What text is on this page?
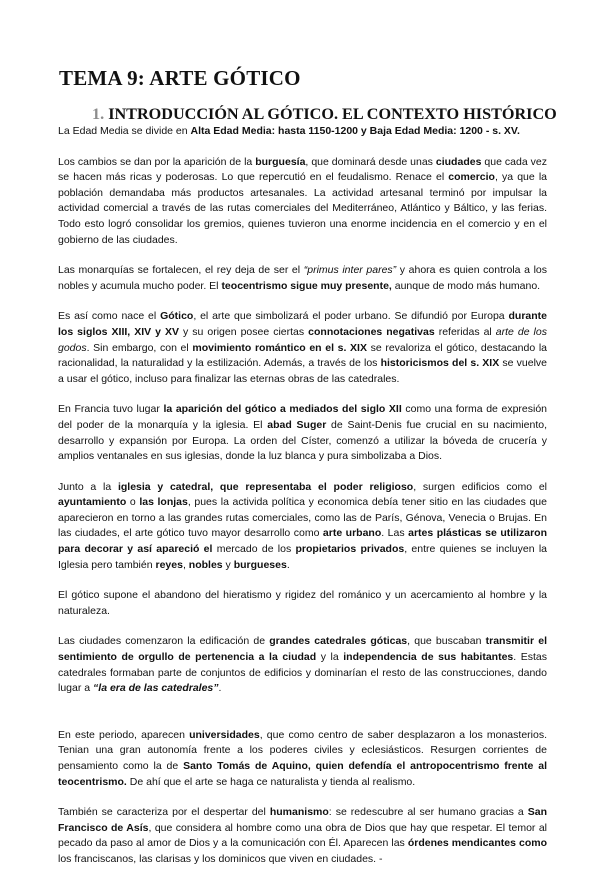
TEMA 9: ARTE GÓTICO
1. INTRODUCCIÓN AL GÓTICO. EL CONTEXTO HISTÓRICO

La Edad Media se divide en Alta Edad Media: hasta 1150-1200 y Baja Edad Media: 1200 - s. XV.

Los cambios se dan por la aparición de la burguesía, que dominará desde unas ciudades que cada vez se hacen más ricas y poderosas. Lo que repercutió en el feudalismo. Renace el comercio, ya que la población demandaba más productos artesanales. La actividad artesanal terminó por impulsar la actividad comercial a través de las rutas comerciales del Mediterráneo, Atlántico y Báltico, y las ferias. Todo esto logró consolidar los gremios, quienes tuvieron una enorme incidencia en el comercio y en el gobierno de las ciudades.

Las monarquías se fortalecen, el rey deja de ser el “primus inter pares” y ahora es quien controla a los nobles y acumula mucho poder. El teocentrismo sigue muy presente, aunque de modo más humano.

Es así como nace el Gótico, el arte que simbolizará el poder urbano. Se difundió por Europa durante los siglos XIII, XIV y XV y su origen posee ciertas connotaciones negativas referidas al arte de los godos. Sin embargo, con el movimiento romántico en el s. XIX se revaloriza el gótico, destacando la racionalidad, la naturalidad y la estilización. Además, a través de los historicismos del s. XIX se vuelve a usar el gótico, incluso para finalizar las eternas obras de las catedrales.

En Francia tuvo lugar la aparición del gótico a mediados del siglo XII como una forma de expresión del poder de la monarquía y la iglesia. El abad Suger de Saint-Denis fue crucial en su nacimiento, desarrollo y expansión por Europa. La orden del Císter, comenzó a utilizar la bóveda de crucería y amplios ventanales en sus iglesias, donde la luz blanca y pura simbolizaba a Dios.

Junto a la iglesia y catedral, que representaba el poder religioso, surgen edificios como el ayuntamiento o las lonjas, pues la activida política y economica debía tener sitio en las ciudades que aparecieron en torno a las grandes rutas comerciales, como las de París, Génova, Venecia o Brujas. En las ciudades, el arte gótico tuvo mayor desarrollo como arte urbano. Las artes plásticas se utilizaron para decorar y así apareció el mercado de los propietarios privados, entre quienes se incluyen la Iglesia pero también reyes, nobles y burgueses.

El gótico supone el abandono del hieratismo y rigidez del románico y un acercamiento al hombre y la naturaleza.

Las ciudades comenzaron la edificación de grandes catedrales góticas, que buscaban transmitir el sentimiento de orgullo de pertenencia a la ciudad y la independencia de sus habitantes. Estas catedrales formaban parte de conjuntos de edificios y dominarían el resto de las construcciones, dando lugar a “la era de las catedrales”.

En este periodo, aparecen universidades, que como centro de saber desplazaron a los monasterios. Tenian una gran autonomía frente a los poderes civiles y eclesiásticos. Resurgen corrientes de pensamiento como la de Santo Tomás de Aquino, quien defendía el antropocentrismo frente al teocentrismo. De ahí que el arte se haga ce naturalista y tienda al realismo.

También se caracteriza por el despertar del humanismo: se redescubre al ser humano gracias a San Francisco de Asís, que considera al hombre como una obra de Dios que hay que respetar. El temor al pecado da paso al amor de Dios y a la comunicación con Él. Aparecen las órdenes mendicantes como los franciscanos, las clarisas y los dominicos que viven en ciudades. -
